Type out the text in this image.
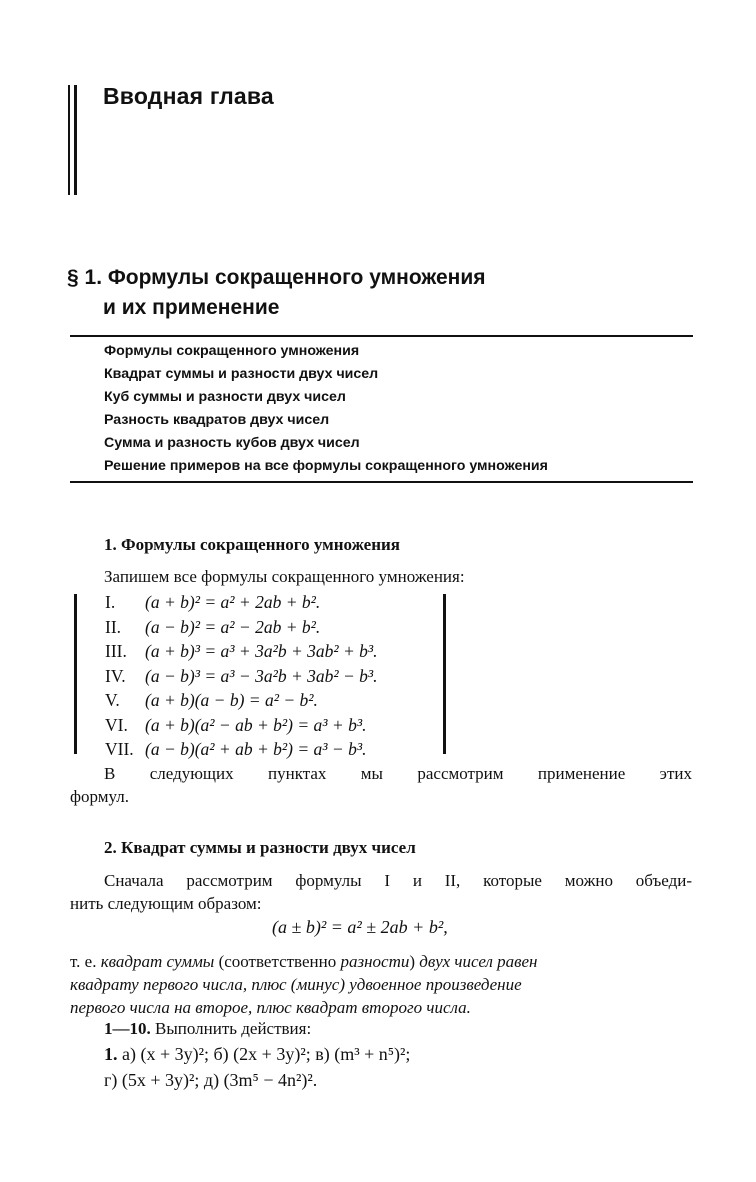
Вводная глава
§ 1. Формулы сокращенного умножения
и их применение
Формулы сокращенного умножения
Квадрат суммы и разности двух чисел
Куб суммы и разности двух чисел
Разность квадратов двух чисел
Сумма и разность кубов двух чисел
Решение примеров на все формулы сокращенного умножения
1. Формулы сокращенного умножения
Запишем все формулы сокращенного умножения:
I. (a + b)² = a² + 2ab + b².
II. (a − b)² = a² − 2ab + b².
III. (a + b)³ = a³ + 3a²b + 3ab² + b³.
IV. (a − b)³ = a³ − 3a²b + 3ab² − b³.
V. (a + b)(a − b) = a² − b².
VI. (a + b)(a² − ab + b²) = a³ + b³.
VII. (a − b)(a² + ab + b²) = a³ − b³.
В следующих пунктах мы рассмотрим применение этих
формул.
2. Квадрат суммы и разности двух чисел
Сначала рассмотрим формулы I и II, которые можно объеди-
нить следующим образом:
(a ± b)² = a² ± 2ab + b²,
т. е. квадрат суммы (соответственно разности) двух чисел равен
квадрату первого числа, плюс (минус) удвоенное произведение
первого числа на второе, плюс квадрат второго числа.
1—10. Выполнить действия:
1. а) (x + 3y)²; б) (2x + 3y)²; в) (m³ + n⁵)²;
г) (5x + 3y)²; д) (3m⁵ − 4n²)².
